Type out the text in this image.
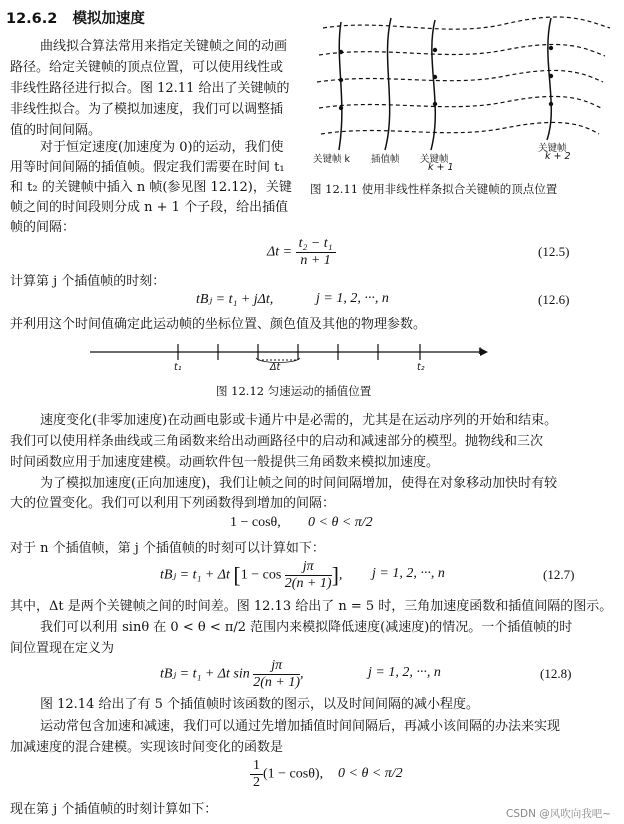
12.6.2 模拟加速度
曲线拟合算法常用来指定关键帧之间的动画
路径。给定关键帧的顶点位置，可以使用线性或
非线性路径进行拟合。图 12.11 给出了关键帧的
非线性拟合。为了模拟加速度，我们可以调整插
值的时间间隔。
对于恒定速度(加速度为 0)的运动，我们使
用等时间间隔的插值帧。假定我们需要在时间 t₁
和 t₂ 的关键帧中插入 n 帧(参见图 12.12)，关键
帧之间的时间段则分成 n + 1 个子段，给出插值
帧的间隔：
关键帧 k 插值帧 关键帧
k + 1
关键帧
k + 2
图 12.11 使用非线性样条拟合关键帧的顶点位置
$\Delta t = \frac{\text{t₂ − t₁}}{n + 1}$	(12.5)
计算第 j 个插值帧的时刻：
tBⱼ = t₁ + jΔt,	j = 1, 2, ···, n	(12.6)
并利用这个时间值确定此运动帧的坐标位置、颜色值及其他的物理参数。
t₁	Δt	t₂
t
图 12.12 匀速运动的插值位置
速度变化(非零加速度)在动画电影或卡通片中是必需的，尤其是在运动序列的开始和结束。
我们可以使用样条曲线或三角函数来给出动画路径中的启动和减速部分的模型。抛物线和三次
时间函数应用于加速度建模。动画软件包一般提供三角函数来模拟加速度。
为了模拟加速度(正向加速度)，我们让帧之间的时间间隔增加，使得在对象移动加快时有较
大的位置变化。我们可以利用下列函数得到增加的间隔：
1 − cosθ, 0 < θ < π/2
对于 n 个插值帧，第 j 个插值帧的时刻可以计算如下：
tBⱼ = t₁ + Δt [$1 - \cos \frac{j\pi}{2(n + 1)}$ ], j = 1, 2, ···, n	(12.7)
其中，Δt 是两个关键帧之间的时间差。图 12.13 给出了 n = 5 时，三角加速度函数和插值间隔的图示。
我们可以利用 sinθ 在 0 < θ < π/2 范围内来模拟降低速度(减速度)的情况。一个插值帧的时
间位置现在定义为
tBⱼ = t₁ + Δt $\sin \frac{j\pi}{2(n + 1)}$ ,	j = 1, 2, ···, n	(12.8)
图 12.14 给出了有 5 个插值帧时该函数的图示，以及时间间隔的减小程度。
运动常包含加速和减速，我们可以通过先增加插值时间间隔后，再减小该间隔的办法来实现
加减速度的混合建模。实现该时间变化的函数是
$\frac{1}{2} (1 - \cos\theta)$, 0 < θ < π/2
现在第 j 个插值帧的时刻计算如下：	CSDN @风吹向我吧~
